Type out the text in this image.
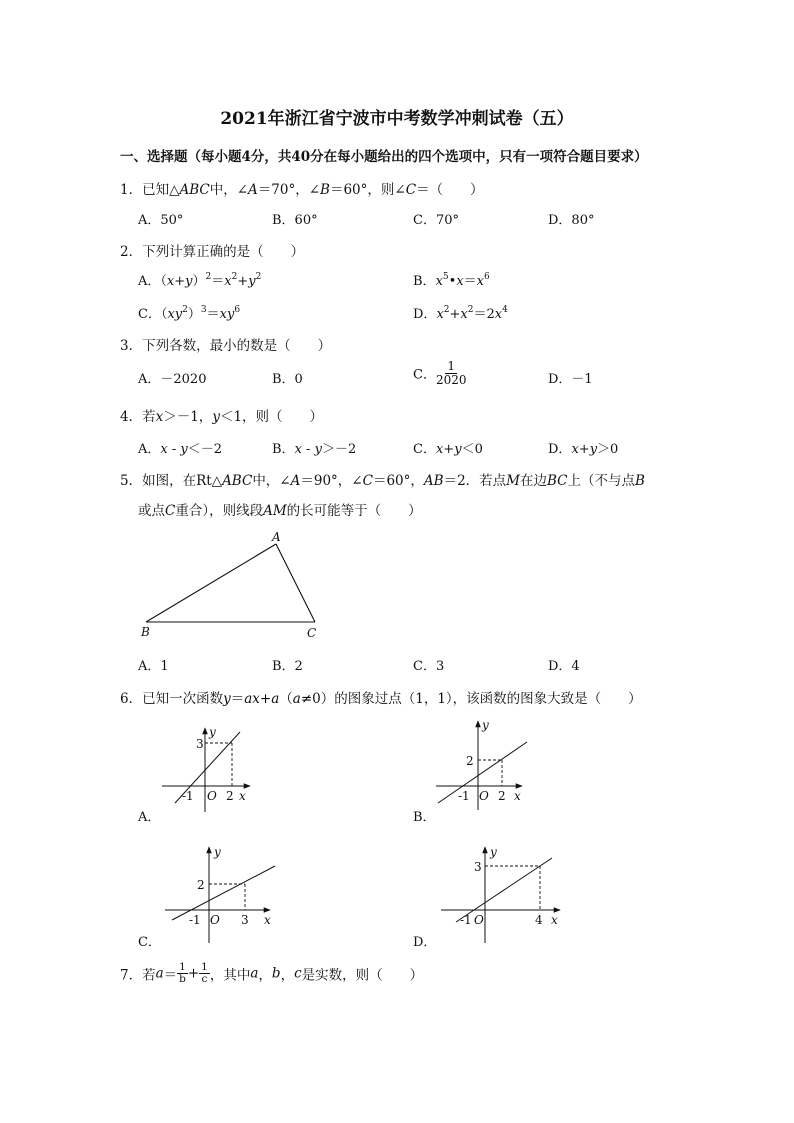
2021年浙江省宁波市中考数学冲刺试卷（五）
一、选择题（每小题4分，共40分在每小题给出的四个选项中，只有一项符合题目要求）
1．已知△ABC中，∠A＝70°，∠B＝60°，则∠C＝（　　）
A．50°	B．60°	C．70°	D．80°
2．下列计算正确的是（　　）
A．$(x+y)^2=x^2+y^2$	B．$x^5•x=x^6$
C．$(xy^2)^3=xy^6$	D．$x^2+x^2=2x^4$
3．下列各数，最小的数是（　　）
A．－2020	B．0	C． $\frac{1}{2020}$	D．－1
4．若x＞－1，y＜1，则（　　）
A．x - y＜－2	B．x - y＞－2	C．x+y＜0	D．x+y＞0
5．如图，在Rt△ABC中，∠A＝90°，∠C＝60°，AB＝2．若点M在边BC上（不与点B
或点C重合），则线段AM的长可能等于（　　）
A
B	C
A．1	B．2	C．3	D．4
6．已知一次函数y＝ax+a（a≠0）的图象过点（1，1），该函数的图象大致是（　　）
3
-1 O 2 x
y
A．
2
-1 O 2 x
y
B．
2
-1 O 3 x
y
C．
3
-1 O	4 x
y
D．
7．若$a= \frac{1}{b} + \frac{1}{c}$ ，其中a，b，c是实数，则（　　）
